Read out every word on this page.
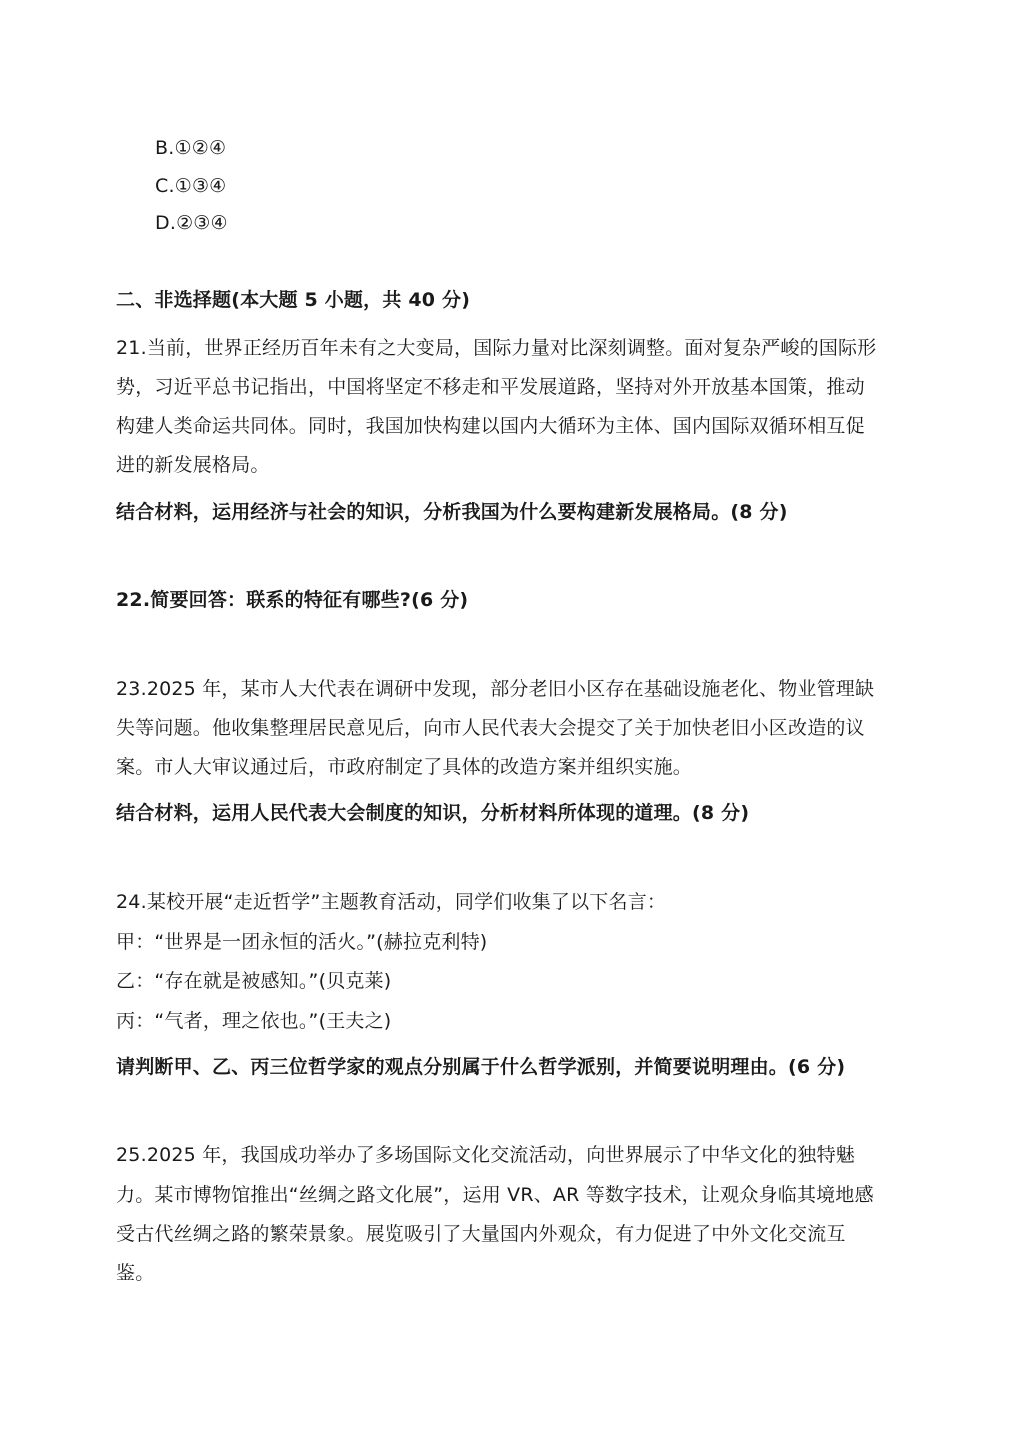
B.①②④
C.①③④
D.②③④
二、非选择题(本大题 5 小题，共 40 分)
21.当前，世界正经历百年未有之大变局，国际力量对比深刻调整。面对复杂严峻的国际形
势，习近平总书记指出，中国将坚定不移走和平发展道路，坚持对外开放基本国策，推动
构建人类命运共同体。同时，我国加快构建以国内大循环为主体、国内国际双循环相互促
进的新发展格局。
结合材料，运用经济与社会的知识，分析我国为什么要构建新发展格局。(8 分)
22.简要回答：联系的特征有哪些?(6 分)
23.2025 年，某市人大代表在调研中发现，部分老旧小区存在基础设施老化、物业管理缺
失等问题。他收集整理居民意见后，向市人民代表大会提交了关于加快老旧小区改造的议
案。市人大审议通过后，市政府制定了具体的改造方案并组织实施。
结合材料，运用人民代表大会制度的知识，分析材料所体现的道理。(8 分)
24.某校开展“走近哲学”主题教育活动，同学们收集了以下名言：
甲：“世界是一团永恒的活火。”(赫拉克利特)
乙：“存在就是被感知。”(贝克莱)
丙：“气者，理之依也。”(王夫之)
请判断甲、乙、丙三位哲学家的观点分别属于什么哲学派别，并简要说明理由。(6 分)
25.2025 年，我国成功举办了多场国际文化交流活动，向世界展示了中华文化的独特魅
力。某市博物馆推出“丝绸之路文化展”，运用 VR、AR 等数字技术，让观众身临其境地感
受古代丝绸之路的繁荣景象。展览吸引了大量国内外观众，有力促进了中外文化交流互
鉴。
